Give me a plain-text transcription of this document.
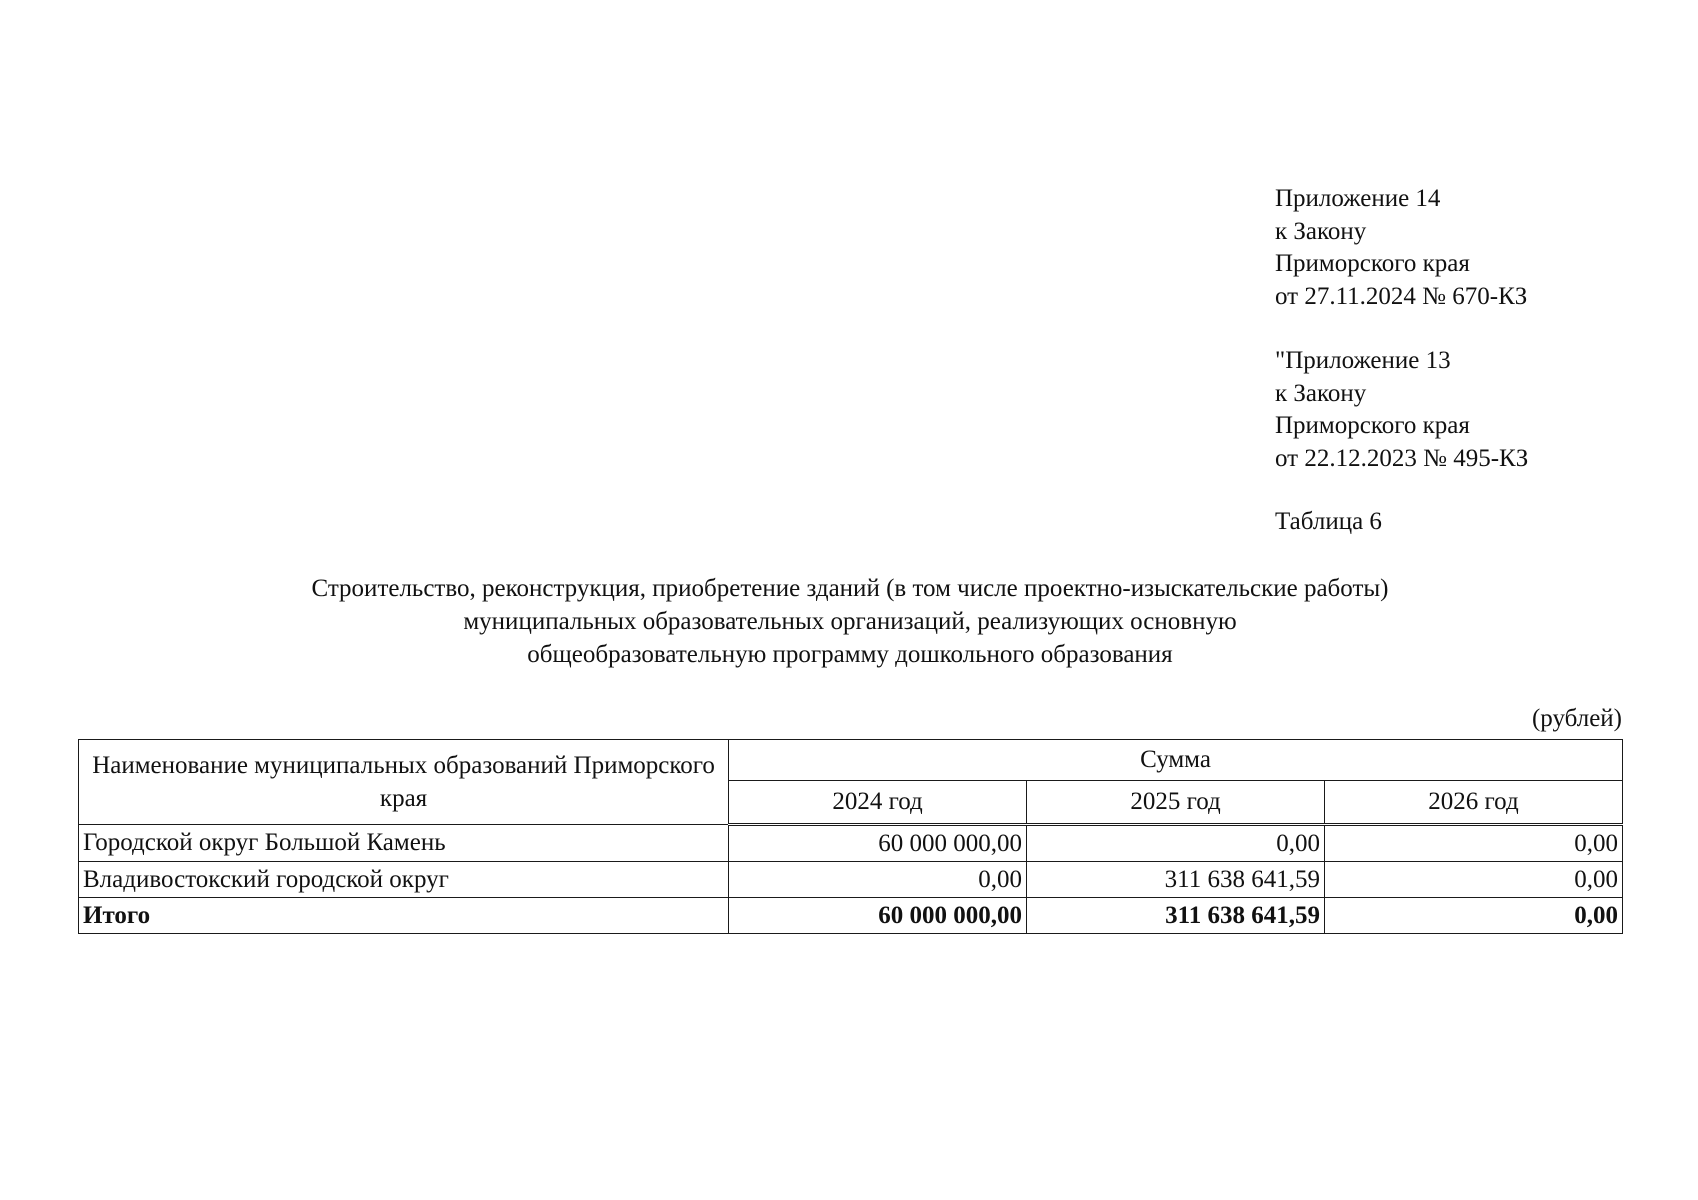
Приложение 14
к Закону
Приморского края
от 27.11.2024 № 670-КЗ
"Приложение 13
к Закону
Приморского края
от 22.12.2023 № 495-КЗ
Таблица 6
Строительство, реконструкция, приобретение зданий (в том числе проектно-изыскательские работы)
муниципальных образовательных организаций, реализующих основную
общеобразовательную программу дошкольного образования
(рублей)
Наименование муниципальных образований Приморского края	Сумма		
	2024 год	2025 год	2026 год
Городской округ Большой Камень	60 000 000,00	0,00	0,00
Владивостокский городской округ	0,00	311 638 641,59	0,00
Итого	60 000 000,00	311 638 641,59	0,00
